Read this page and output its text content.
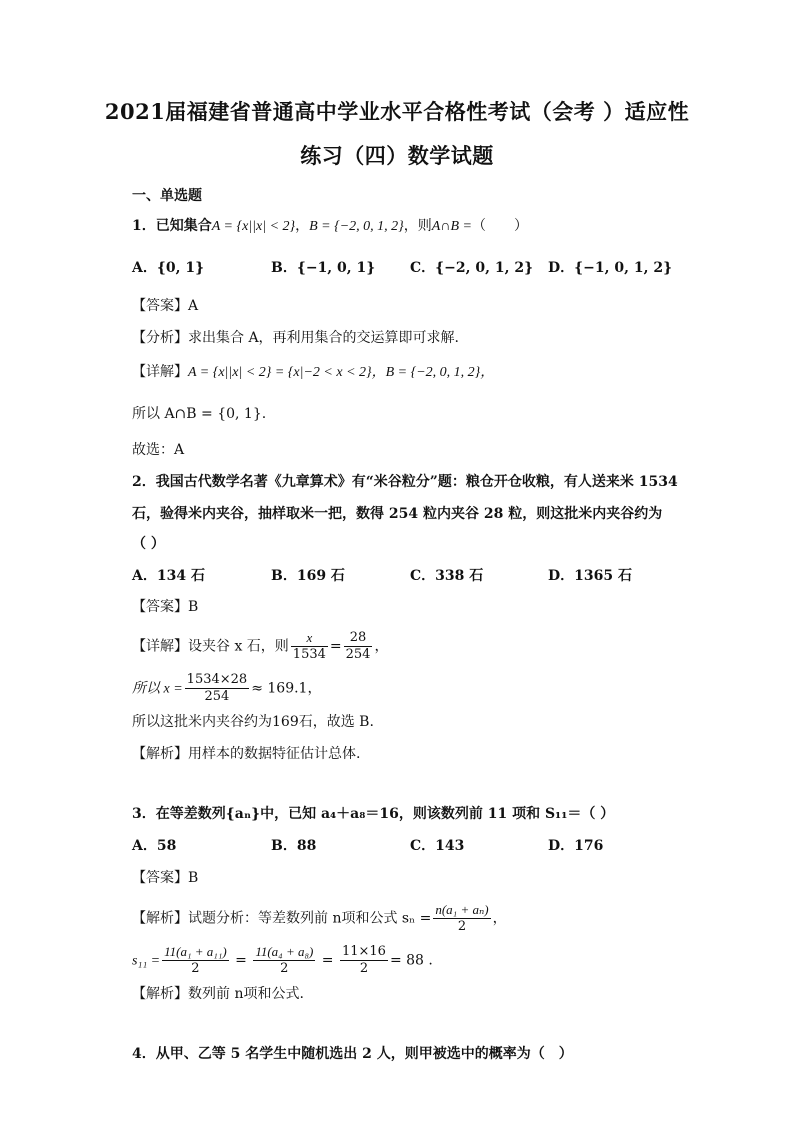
2021届福建省普通高中学业水平合格性考试（会考 ）适应性
练习（四）数学试题
一、单选题
1．已知集合A = {x||x| < 2}，B = {−2, 0, 1, 2}，则A∩B =（　　）
A．{0, 1}	B．{−1, 0, 1} C．{−2, 0, 1, 2} D．{−1, 0, 1, 2}
【答案】A
【分析】求出集合 A，再利用集合的交运算即可求解.
【详解】A = {x||x| < 2} = {x|−2 < x < 2}，B = {−2, 0, 1, 2}，
所以 A∩B = {0, 1}.
故选：A
2．我国古代数学名著《九章算术》有“米谷粒分”题：粮仓开仓收粮，有人送来米 1534
石，验得米内夹谷，抽样取米一把，数得 254 粒内夹谷 28 粒，则这批米内夹谷约为
（ ）
A．134 石	B．169 石	C．338 石	D．1365 石
【答案】B
【详解】设夹谷 x 石，则 $\frac{x}{1534} = \frac{28}{254}$ ，
所以 $x = \frac{1534\times 28}{254} \approx 169.1$，
所以这批米内夹谷约为169石，故选 B.
【解析】用样本的数据特征估计总体.
3．在等差数列{aₙ}中，已知 a₄＋a₈＝16，则该数列前 11 项和 S₁₁＝（ ）
A．58	B．88	C．143	D．176
【答案】B
【解析】试题分析：等差数列前 n项和公式 $s_n = \frac{\text{n(a₁ + aₙ)}}{2}$ ，
$s_{11} = \frac{\text{11(a₁ + a₁₁)}}{2} = \frac{\text{11(a₄ + a₈)}}{2} = \frac{11\times 16}{2} = 88$ .
【解析】数列前 n项和公式.
4．从甲、乙等 5 名学生中随机选出 2 人，则甲被选中的概率为（　）
